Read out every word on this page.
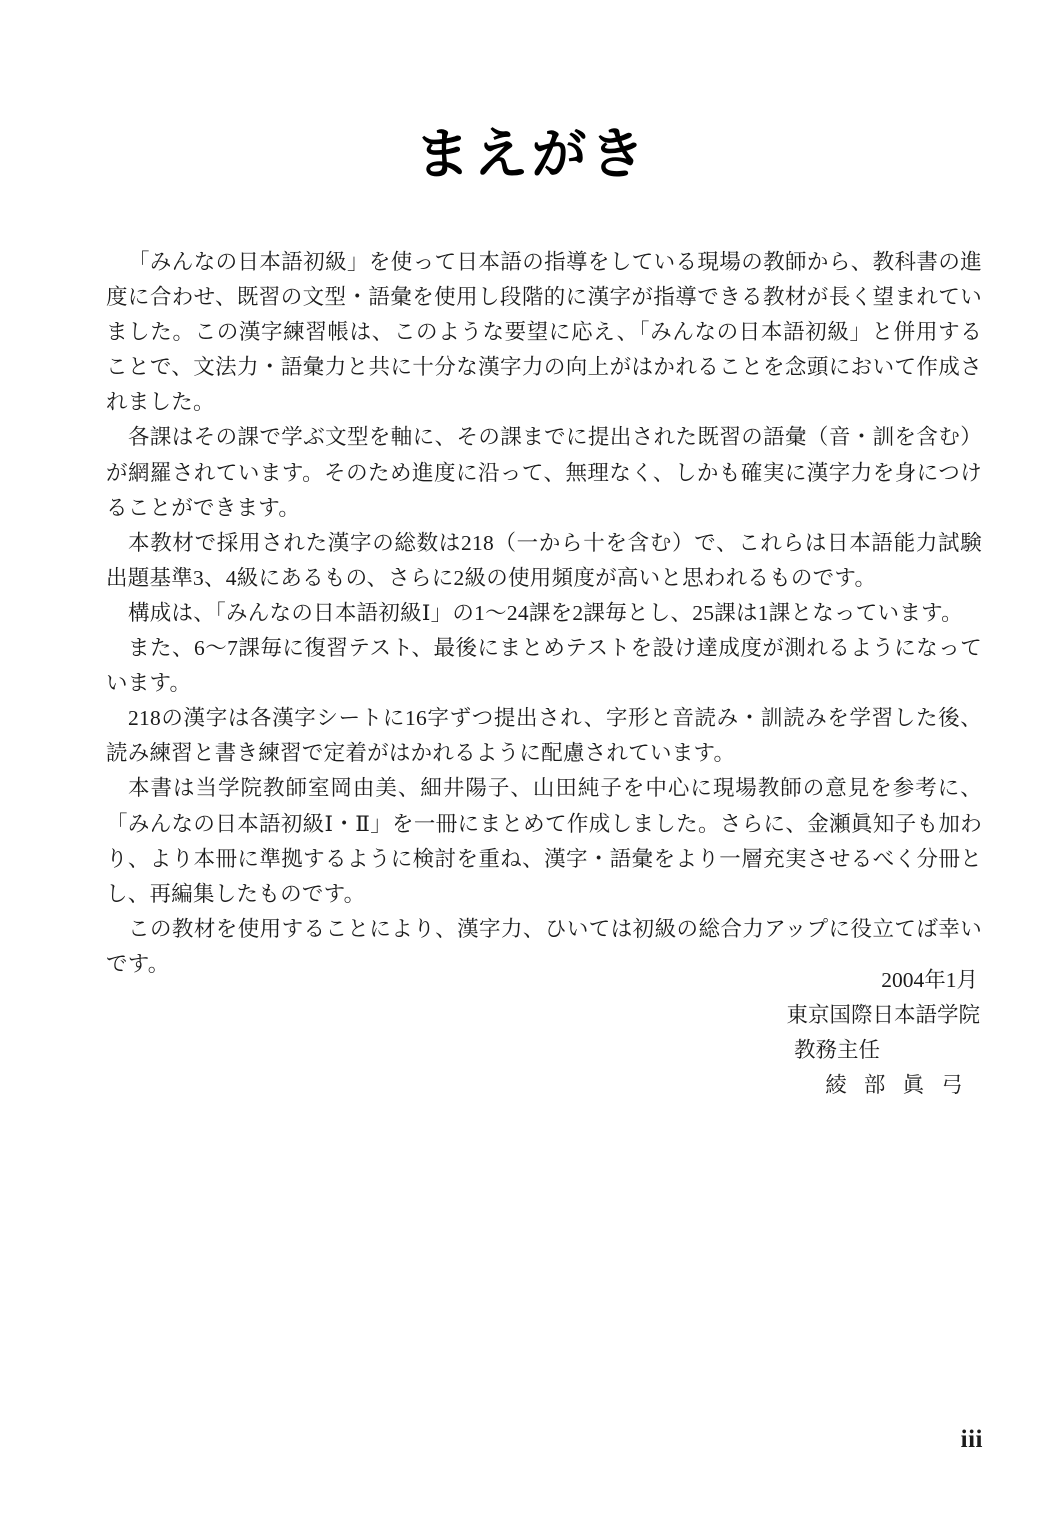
まえがき

「みんなの日本語初級」を使って日本語の指導をしている現場の教師から、教科書の進度に合わせ、既習の文型・語彙を使用し段階的に漢字が指導できる教材が長く望まれていました。この漢字練習帳は、このような要望に応え、「みんなの日本語初級」と併用することで、文法力・語彙力と共に十分な漢字力の向上がはかれることを念頭において作成されました。

各課はその課で学ぶ文型を軸に、その課までに提出された既習の語彙（音・訓を含む）が網羅されています。そのため進度に沿って、無理なく、しかも確実に漢字力を身につけることができます。

本教材で採用された漢字の総数は218（一から十を含む）で、これらは日本語能力試験出題基準3、4級にあるもの、さらに2級の使用頻度が高いと思われるものです。

構成は、「みんなの日本語初級Ⅰ」の1～24課を2課毎とし、25課は1課となっています。

また、6～7課毎に復習テスト、最後にまとめテストを設け達成度が測れるようになっています。

218の漢字は各漢字シートに16字ずつ提出され、字形と音読み・訓読みを学習した後、読み練習と書き練習で定着がはかれるように配慮されています。

本書は当学院教師室岡由美、細井陽子、山田純子を中心に現場教師の意見を参考に、「みんなの日本語初級Ⅰ・Ⅱ」を一冊にまとめて作成しました。さらに、金瀬眞知子も加わり、より本冊に準拠するように検討を重ね、漢字・語彙をより一層充実させるべく分冊とし、再編集したものです。

この教材を使用することにより、漢字力、ひいては初級の総合力アップに役立てば幸いです。

2004年1月
東京国際日本語学院
教務主任
綾部眞弓
iii
